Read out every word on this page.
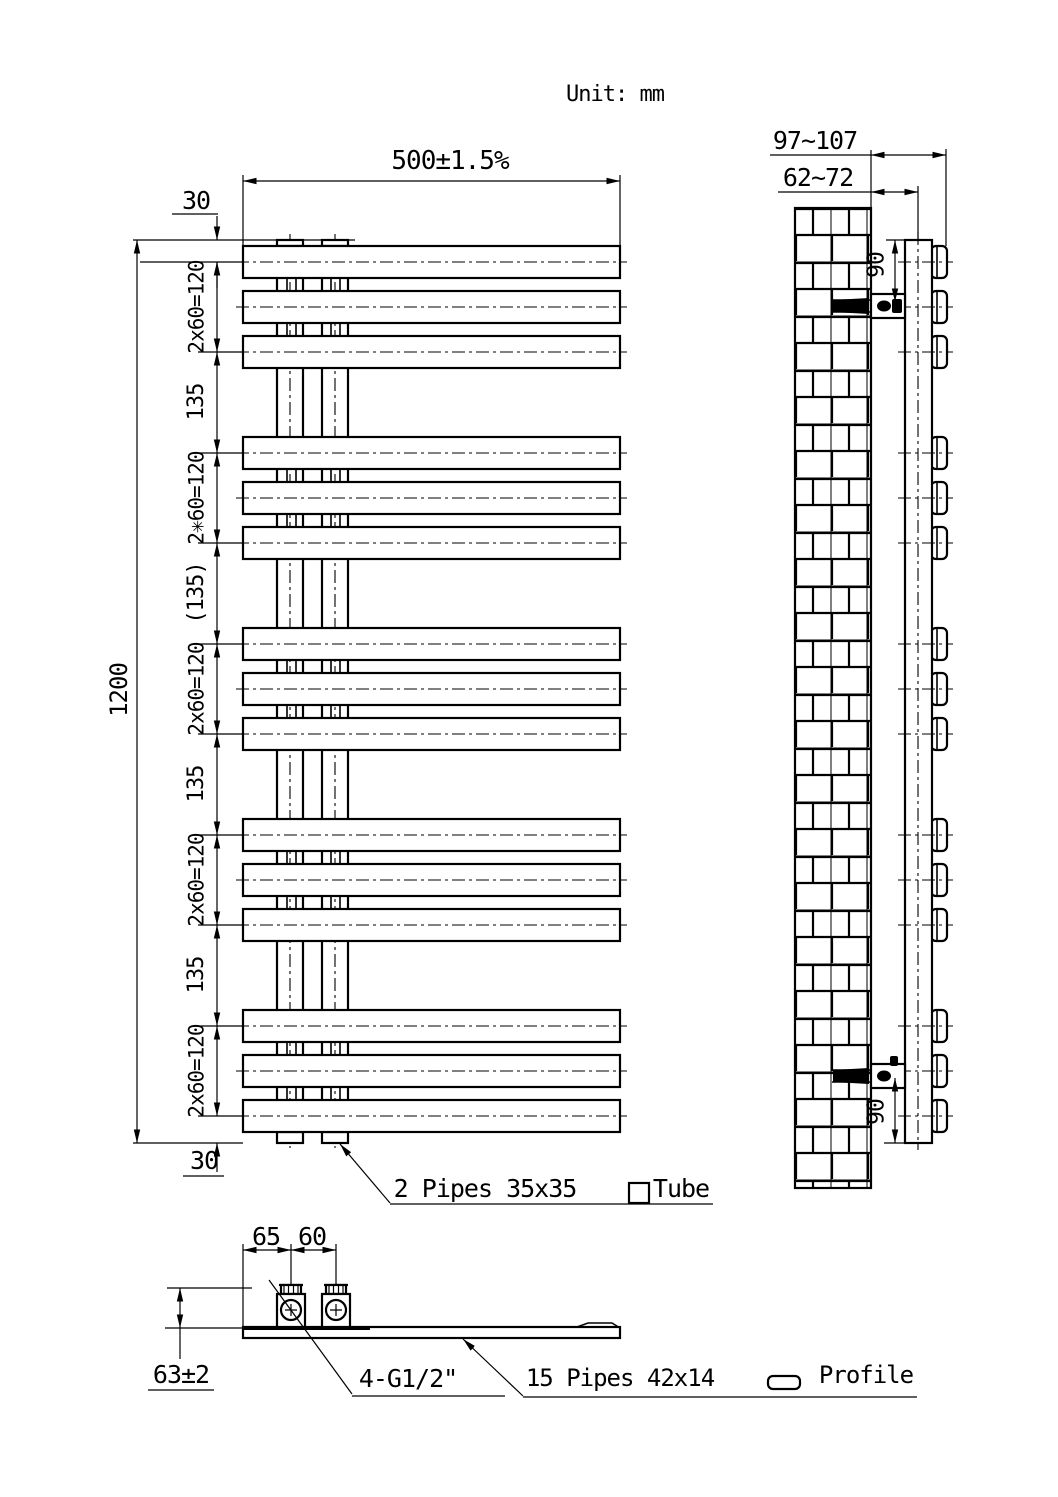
Unit: mm
500±1.5%
30
2x60=120
135
2✳60=120
(135)
2x60=120
135
2x60=120
135
2x60=120
1200
30
2 Pipes 35x35	Tube
97~107
62~72
90
90
65 60
63±2	4-G1/2"	15 Pipes 42x14	Profile
